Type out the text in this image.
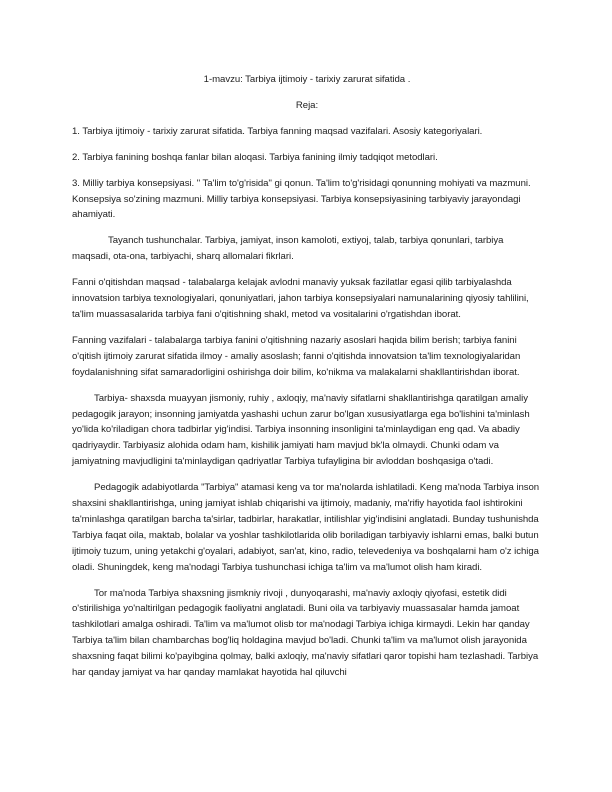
1-mavzu: Tarbiya ijtimoiy - tarixiy zarurat sifatida .

Reja:

1. Tarbiya ijtimoiy - tarixiy zarurat sifatida. Tarbiya fanning maqsad vazifalari. Asosiy kategoriyalari.

2. Tarbiya fanining boshqa fanlar bilan aloqasi. Tarbiya fanining ilmiy tadqiqot metodlari.

3. Milliy tarbiya konsepsiyasi. " Ta'lim to'g'risida" gi qonun. Ta'lim to'g'risidagi qonunning mohiyati va mazmuni. Konsepsiya so'zining mazmuni. Milliy tarbiya konsepsiyasi. Tarbiya konsepsiyasining tarbiyaviy jarayondagi ahamiyati.

Tayanch tushunchalar. Tarbiya, jamiyat, inson kamoloti, extiyoj, talab, tarbiya qonunlari, tarbiya maqsadi, ota-ona, tarbiyachi, sharq allomalari fikrlari.

Fanni o'qitishdan maqsad - talabalarga kelajak avlodni manaviy yuksak fazilatlar egasi qilib tarbiyalashda innovatsion tarbiya texnologiyalari, qonuniyatlari, jahon tarbiya konsepsiyalari namunalarining qiyosiy tahlilini, ta'lim muassasalarida tarbiya fani o'qitishning shakl, metod va vositalarini o'rgatishdan iborat.

Fanning vazifalari - talabalarga tarbiya fanini o'qitishning nazariy asoslari haqida bilim berish; tarbiya fanini o'qitish ijtimoiy zarurat sifatida ilmoy - amaliy asoslash; fanni o'qitishda innovatsion ta'lim texnologiyalaridan foydalanishning sifat samaradorligini oshirishga doir bilim, ko'nikma va malakalarni shakllantirishdan iborat.

Tarbiya- shaxsda muayyan jismoniy, ruhiy , axloqiy, ma'naviy sifatlarni shakllantirishga qaratilgan amaliy pedagogik jarayon; insonning jamiyatda yashashi uchun zarur bo'lgan xususiyatlarga ega bo'lishini ta'minlash yo'lida ko'riladigan chora tadbirlar yig'indisi. Tarbiya insonning insonligini ta'minlaydigan eng qad. Va abadiy qadriyaydir. Tarbiyasiz alohida odam ham, kishilik jamiyati ham mavjud bk'la olmaydi. Chunki odam va jamiyatning mavjudligini ta'minlaydigan qadriyatlar Tarbiya tufayligina bir avloddan boshqasiga o'tadi.

Pedagogik adabiyotlarda "Tarbiya" atamasi keng va tor ma'nolarda ishlatiladi. Keng ma'noda Tarbiya inson shaxsini shakllantirishga, uning jamiyat ishlab chiqarishi va ijtimoiy, madaniy, ma'rifiy hayotida faol ishtirokini ta'minlashga qaratilgan barcha ta'sirlar, tadbirlar, harakatlar, intilishlar yig'indisini anglatadi. Bunday tushunishda Tarbiya faqat oila, maktab, bolalar va yoshlar tashkilotlarida olib boriladigan tarbiyaviy ishlarni emas, balki butun ijtimoiy tuzum, uning yetakchi g'oyalari, adabiyot, san'at, kino, radio, televedeniya va boshqalarni ham o'z ichiga oladi. Shuningdek, keng ma'nodagi Tarbiya tushunchasi ichiga ta'lim va ma'lumot olish ham kiradi.

Tor ma'noda Tarbiya shaxsning jismkniy rivoji , dunyoqarashi, ma'naviy axloqiy qiyofasi, estetik didi o'stirilishiga yo'naltirilgan pedagogik faoliyatni anglatadi. Buni oila va tarbiyaviy muassasalar hamda jamoat tashkilotlari amalga oshiradi. Ta'lim va ma'lumot olisb tor ma'nodagi Tarbiya ichiga kirmaydi. Lekin har qanday Tarbiya ta'lim bilan chambarchas bog'liq holdagina mavjud bo'ladi. Chunki ta'lim va ma'lumot olish jarayonida shaxsning faqat bilimi ko'payibgina qolmay, balki axloqiy, ma'naviy sifatlari qaror topishi ham tezlashadi. Tarbiya har qanday jamiyat va har qanday mamlakat hayotida hal qiluvchi
